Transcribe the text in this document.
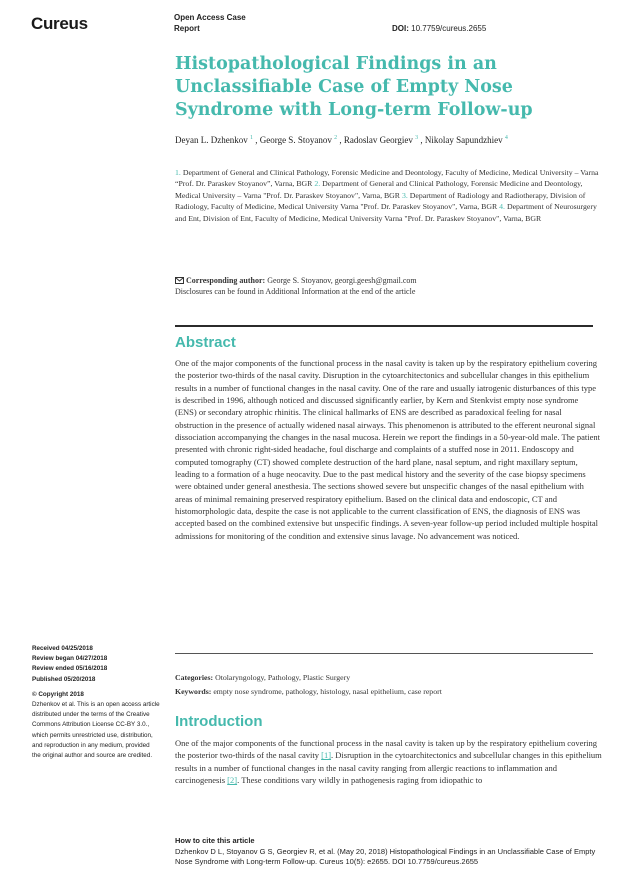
Cureus	Open Access Case
Report	DOI: 10.7759/cureus.2655
Histopathological Findings in an Unclassifiable Case of Empty Nose Syndrome with Long-term Follow-up
Deyan L. Dzhenkov $^1$ , George S. Stoyanov $^2$ , Radoslav Georgiev $^3$ , Nikolay Sapundzhiev $^4$
1. Department of General and Clinical Pathology, Forensic Medicine and Deontology, Faculty of Medicine, Medical University – Varna “Prof. Dr. Paraskev Stoyanov”, Varna, BGR 2. Department of General and Clinical Pathology, Forensic Medicine and Deontology, Medical University – Varna "Prof. Dr. Paraskev Stoyanov", Varna, BGR 3. Department of Radiology and Radiotherapy, Division of Radiology, Faculty of Medicine, Medical University Varna "Prof. Dr. Paraskev Stoyanov", Varna, BGR 4. Department of Neurosurgery and Ent, Division of Ent, Faculty of Medicine, Medical University Varna "Prof. Dr. Paraskev Stoyanov", Varna, BGR
Corresponding author: George S. Stoyanov, georgi.geesh@gmail.com
Disclosures can be found in Additional Information at the end of the article
Abstract
One of the major components of the functional process in the nasal cavity is taken up by the respiratory epithelium covering the posterior two-thirds of the nasal cavity. Disruption in the cytoarchitectonics and subcellular changes in this epithelium results in a number of functional changes in the nasal cavity. One of the rare and usually iatrogenic disturbances of this type is described in 1996, although noticed and discussed significantly earlier, by Kern and Stenkvist empty nose syndrome (ENS) or secondary atrophic rhinitis. The clinical hallmarks of ENS are described as paradoxical feeling for nasal obstruction in the presence of actually widened nasal airways. This phenomenon is attributed to the efferent neuronal signal dissociation accompanying the changes in the nasal mucosa. Herein we report the findings in a 50-year-old male. The patient presented with chronic right-sided headache, foul discharge and complaints of a stuffed nose in 2011. Endoscopy and computed tomography (CT) showed complete destruction of the hard plane, nasal septum, and right maxillary septum, leading to a formation of a huge neocavity. Due to the past medical history and the severity of the case biopsy specimens were obtained under general anesthesia. The sections showed severe but unspecific changes of the nasal epithelium with areas of minimal remaining preserved respiratory epithelium. Based on the clinical data and endoscopic, CT and histomorphologic data, despite the case is not applicable to the current classification of ENS, the diagnosis of ENS was accepted based on the combined extensive but unspecific findings. A seven-year follow-up period included multiple hospital admissions for monitoring of the condition and extensive sinus lavage. No advancement was noticed.
Categories: Otolaryngology, Pathology, Plastic Surgery
Keywords: empty nose syndrome, pathology, histology, nasal epithelium, case report
Introduction
One of the major components of the functional process in the nasal cavity is taken up by the respiratory epithelium covering the posterior two-thirds of the nasal cavity [1]. Disruption in the cytoarchitectonics and subcellular changes in this epithelium results in a number of functional changes in the nasal cavity ranging from allergic reactions to inflammation and carcinogenesis [2]. These conditions vary wildly in pathogenesis raging from idiopathic to
Received 04/25/2018
Review began 04/27/2018
Review ended 05/16/2018
Published 05/20/2018
© Copyright 2018
Dzhenkov et al. This is an open access article distributed under the terms of the Creative Commons Attribution License CC-BY 3.0., which permits unrestricted use, distribution, and reproduction in any medium, provided the original author and source are credited.
How to cite this article
Dzhenkov D L, Stoyanov G S, Georgiev R, et al. (May 20, 2018) Histopathological Findings in an Unclassifiable Case of Empty Nose Syndrome with Long-term Follow-up. Cureus 10(5): e2655. DOI 10.7759/cureus.2655
